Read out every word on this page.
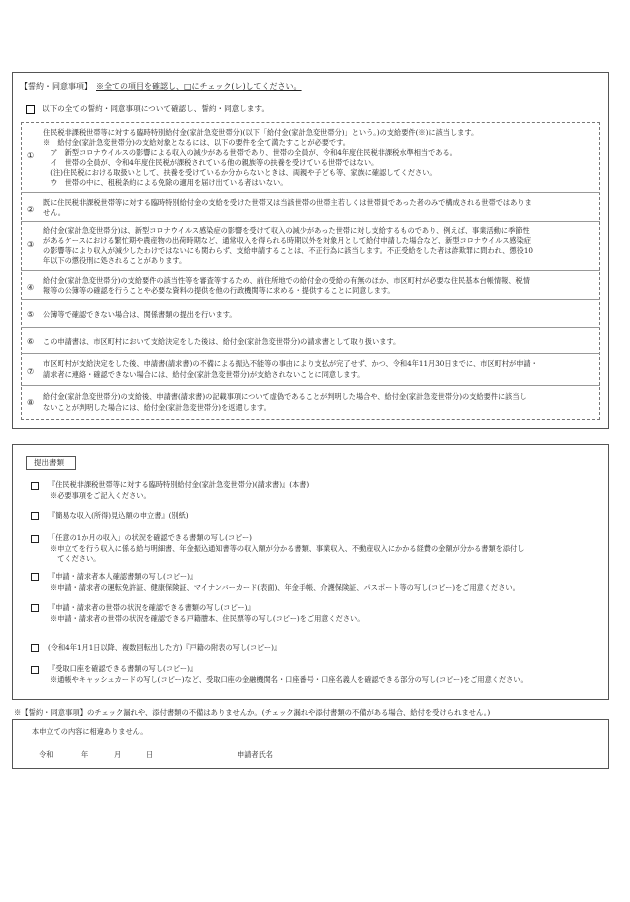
【誓約・同意事項】 ※全ての項目を確認し、□にチェック(レ)してください。
以下の全ての誓約・同意事項について確認し、誓約・同意します。
①
住民税非課税世帯等に対する臨時特別給付金(家計急変世帯分)(以下「給付金(家計急変世帯分)」という。)の支給要件(※)に該当します。
※　給付金(家計急変世帯分)の支給対象となるには、以下の要件を全て満たすことが必要です。
　ア　新型コロナウイルスの影響による収入の減少がある世帯であり、世帯の全員が、令和4年度住民税非課税水準相当である。
　イ　世帯の全員が、令和4年度住民税が課税されている他の親族等の扶養を受けている世帯ではない。
　(注)住民税における取扱いとして、扶養を受けているか分からないときは、両親や子ども等、家族に確認してください。
　ウ　世帯の中に、租税条約による免除の適用を届け出ている者はいない。
②
既に住民税非課税世帯等に対する臨時特別給付金の支給を受けた世帯又は当該世帯の世帯主若しくは世帯員であった者のみで構成される世帯ではありま
せん。
③
給付金(家計急変世帯分)は、新型コロナウイルス感染症の影響を受けて収入の減少があった世帯に対し支給するものであり、例えば、事業活動に季節性
があるケースにおける繁忙期や農産物の出荷時期など、通常収入を得られる時期以外を対象月として給付申請した場合など、新型コロナウイルス感染症
の影響等により収入が減少したわけではないにも関わらず、支給申請することは、不正行為に該当します。不正受給をした者は詐欺罪に問われ、懲役10
年以下の懲役刑に処されることがあります。
④
給付金(家計急変世帯分)の支給要件の該当性等を審査等するため、前住所地での給付金の受給の有無のほか、市区町村が必要な住民基本台帳情報、税情
報等の公簿等の確認を行うことや必要な資料の提供を他の行政機関等に求める・提供することに同意します。
⑤ 公簿等で確認できない場合は、関係書類の提出を行います。
⑥ この申請書は、市区町村において支給決定をした後は、給付金(家計急変世帯分)の請求書として取り扱います。
⑦
市区町村が支給決定をした後、申請書(請求書)の不備による振込不能等の事由により支払が完了せず、かつ、令和4年11月30日までに、市区町村が申請・
請求者に連絡・確認できない場合には、給付金(家計急変世帯分)が支給されないことに同意します。
⑧
給付金(家計急変世帯分)の支給後、申請書(請求書)の記載事項について虚偽であることが判明した場合や、給付金(家計急変世帯分)の支給要件に該当し
ないことが判明した場合には、給付金(家計急変世帯分)を返還します。
提出書類
『住民税非課税世帯等に対する臨時特別給付金(家計急変世帯分)(請求書)』(本書)
※必要事項をご記入ください。
『簡易な収入(所得)見込額の申立書』(別紙)
「任意の1か月の収入」の状況を確認できる書類の写し(コピー)
※申立てを行う収入に係る給与明細書、年金振込通知書等の収入額が分かる書類、事業収入、不動産収入にかかる経費の金額が分かる書類を添付し
　てください。
『申請・請求者本人確認書類の写し(コピー)』
※申請・請求者の運転免許証、健康保険証、マイナンバーカード(表面)、年金手帳、介護保険証、パスポート等の写し(コピー)をご用意ください。
『申請・請求者の世帯の状況を確認できる書類の写し(コピー)』
※申請・請求者の世帯の状況を確認できる戸籍謄本、住民票等の写し(コピー)をご用意ください。
(令和4年1月1日以降、複数回転出した方)『戸籍の附表の写し(コピー)』
『受取口座を確認できる書類の写し(コピー)』
※通帳やキャッシュカードの写し(コピー)など、受取口座の金融機関名・口座番号・口座名義人を確認できる部分の写し(コピー)をご用意ください。
※【誓約・同意事項】のチェック漏れや、添付書類の不備はありませんか。(チェック漏れや添付書類の不備がある場合、給付を受けられません。)
本申立ての内容に相違ありません。
令和	年	月	日	申請者氏名
